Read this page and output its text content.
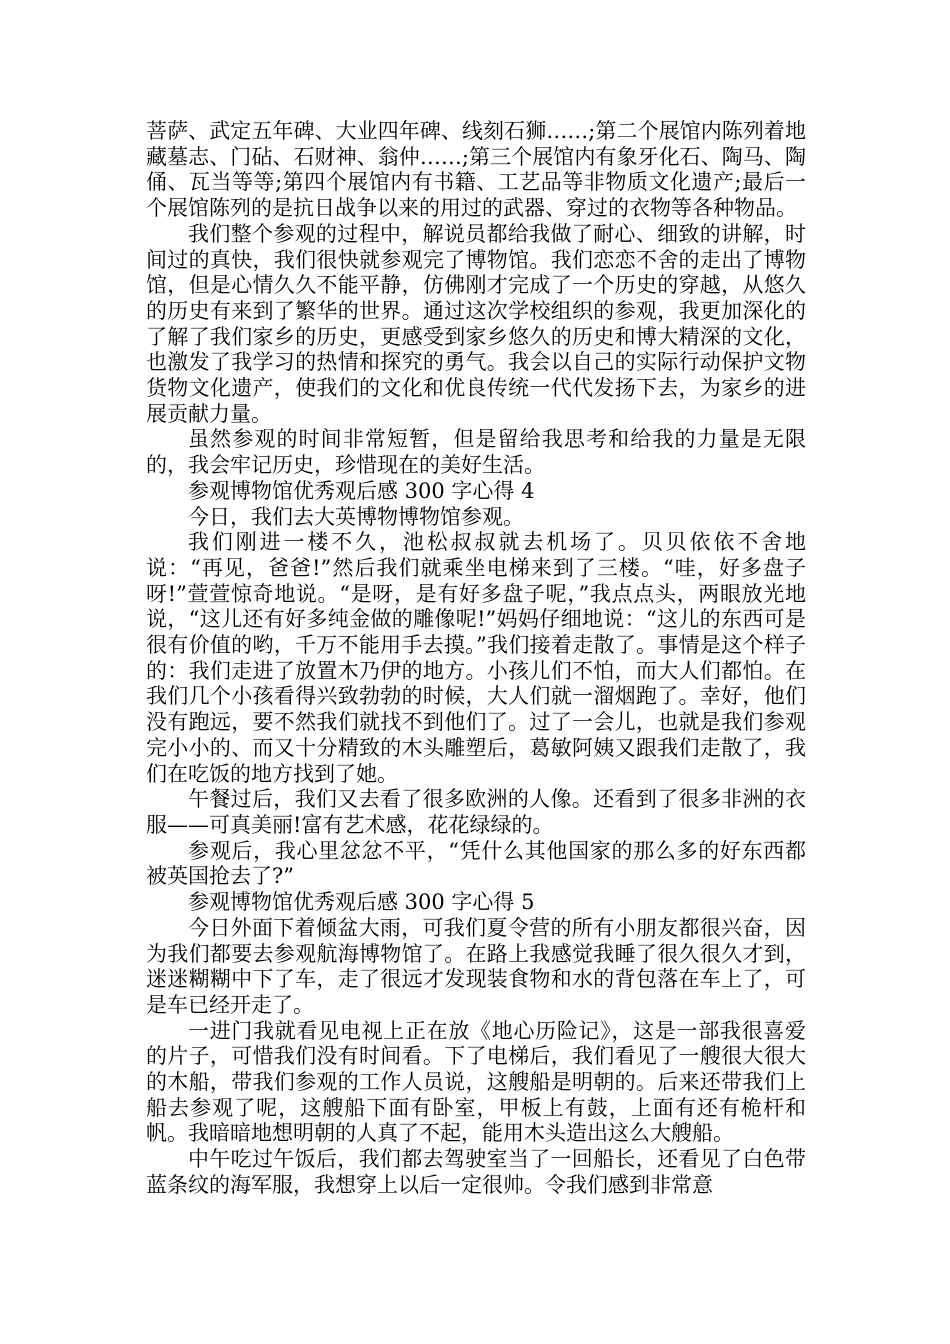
菩萨、武定五年碑、大业四年碑、线刻石狮……;第二个展馆内陈列着地藏墓志、门砧、石财神、翁仲……;第三个展馆内有象牙化石、陶马、陶俑、瓦当等等;第四个展馆内有书籍、工艺品等非物质文化遗产;最后一个展馆陈列的是抗日战争以来的用过的武器、穿过的衣物等各种物品。

我们整个参观的过程中，解说员都给我做了耐心、细致的讲解，时间过的真快，我们很快就参观完了博物馆。我们恋恋不舍的走出了博物馆，但是心情久久不能平静，仿佛刚才完成了一个历史的穿越，从悠久的历史有来到了繁华的世界。通过这次学校组织的参观，我更加深化的了解了我们家乡的历史，更感受到家乡悠久的历史和博大精深的文化，也激发了我学习的热情和探究的勇气。我会以自己的实际行动保护文物货物文化遗产，使我们的文化和优良传统一代代发扬下去，为家乡的进展贡献力量。

虽然参观的时间非常短暂，但是留给我思考和给我的力量是无限的，我会牢记历史，珍惜现在的美好生活。

参观博物馆优秀观后感 300 字心得 4

今日，我们去大英博物博物馆参观。

我们刚进一楼不久，池松叔叔就去机场了。贝贝依依不舍地说：“再见，爸爸!”然后我们就乘坐电梯来到了三楼。“哇，好多盘子呀!”萱萱惊奇地说。“是呀，是有好多盘子呢，”我点点头，两眼放光地说，“这儿还有好多纯金做的雕像呢!”妈妈仔细地说：“这儿的东西可是很有价值的哟，千万不能用手去摸。”我们接着走散了。事情是这个样子的：我们走进了放置木乃伊的地方。小孩儿们不怕，而大人们都怕。在我们几个小孩看得兴致勃勃的时候，大人们就一溜烟跑了。幸好，他们没有跑远，要不然我们就找不到他们了。过了一会儿，也就是我们参观完小小的、而又十分精致的木头雕塑后，葛敏阿姨又跟我们走散了，我们在吃饭的地方找到了她。

午餐过后，我们又去看了很多欧洲的人像。还看到了很多非洲的衣服——可真美丽!富有艺术感，花花绿绿的。

参观后，我心里忿忿不平，“凭什么其他国家的那么多的好东西都被英国抢去了?”

参观博物馆优秀观后感 300 字心得 5

今日外面下着倾盆大雨，可我们夏令营的所有小朋友都很兴奋，因为我们都要去参观航海博物馆了。在路上我感觉我睡了很久很久才到，迷迷糊糊中下了车，走了很远才发现装食物和水的背包落在车上了，可是车已经开走了。

一进门我就看见电视上正在放《地心历险记》，这是一部我很喜爱的片子，可惜我们没有时间看。下了电梯后，我们看见了一艘很大很大的木船，带我们参观的工作人员说，这艘船是明朝的。后来还带我们上船去参观了呢，这艘船下面有卧室，甲板上有鼓，上面有还有桅杆和帆。我暗暗地想明朝的人真了不起，能用木头造出这么大艘船。

中午吃过午饭后，我们都去驾驶室当了一回船长，还看见了白色带蓝条纹的海军服，我想穿上以后一定很帅。令我们感到非常意
